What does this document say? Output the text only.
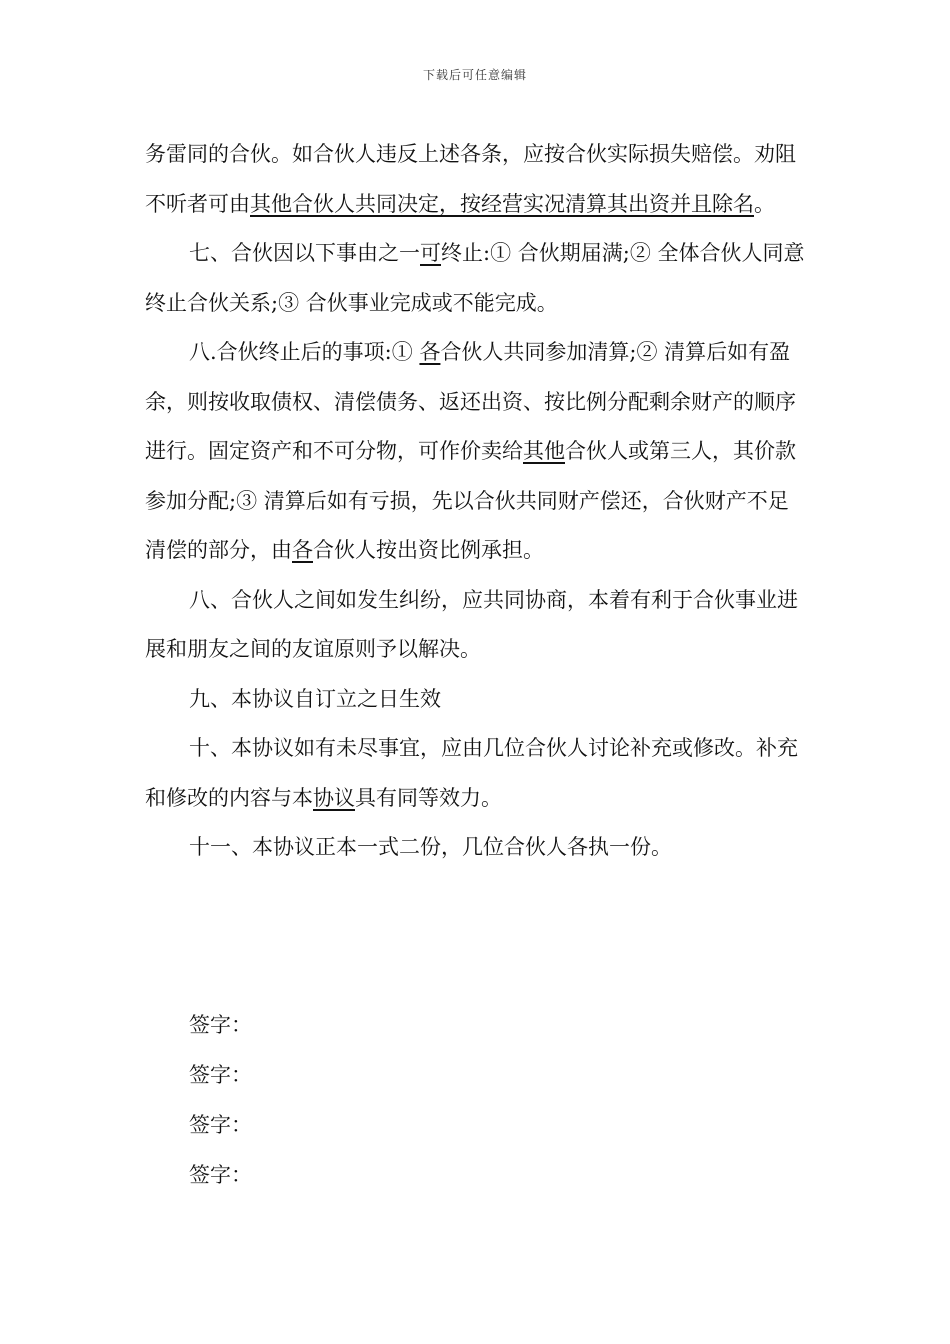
下载后可任意编辑

务雷同的合伙。如合伙人违反上述各条，应按合伙实际损失赔偿。劝阻不听者可由其他合伙人共同决定，按经营实况清算其出资并且除名。

七、合伙因以下事由之一可终止:① 合伙期届满;② 全体合伙人同意终止合伙关系;③ 合伙事业完成或不能完成。

八.合伙终止后的事项:① 各合伙人共同参加清算;② 清算后如有盈余，则按收取债权、清偿债务、返还出资、按比例分配剩余财产的顺序进行。固定资产和不可分物，可作价卖给其他合伙人或第三人，其价款参加分配;③ 清算后如有亏损，先以合伙共同财产偿还，合伙财产不足清偿的部分，由各合伙人按出资比例承担。

八、合伙人之间如发生纠纷，应共同协商，本着有利于合伙事业进展和朋友之间的友谊原则予以解决。

九、本协议自订立之日生效

十、本协议如有未尽事宜，应由几位合伙人讨论补充或修改。补充和修改的内容与本协议具有同等效力。

十一、本协议正本一式二份，几位合伙人各执一份。

签字：
签字：
签字：
签字：
